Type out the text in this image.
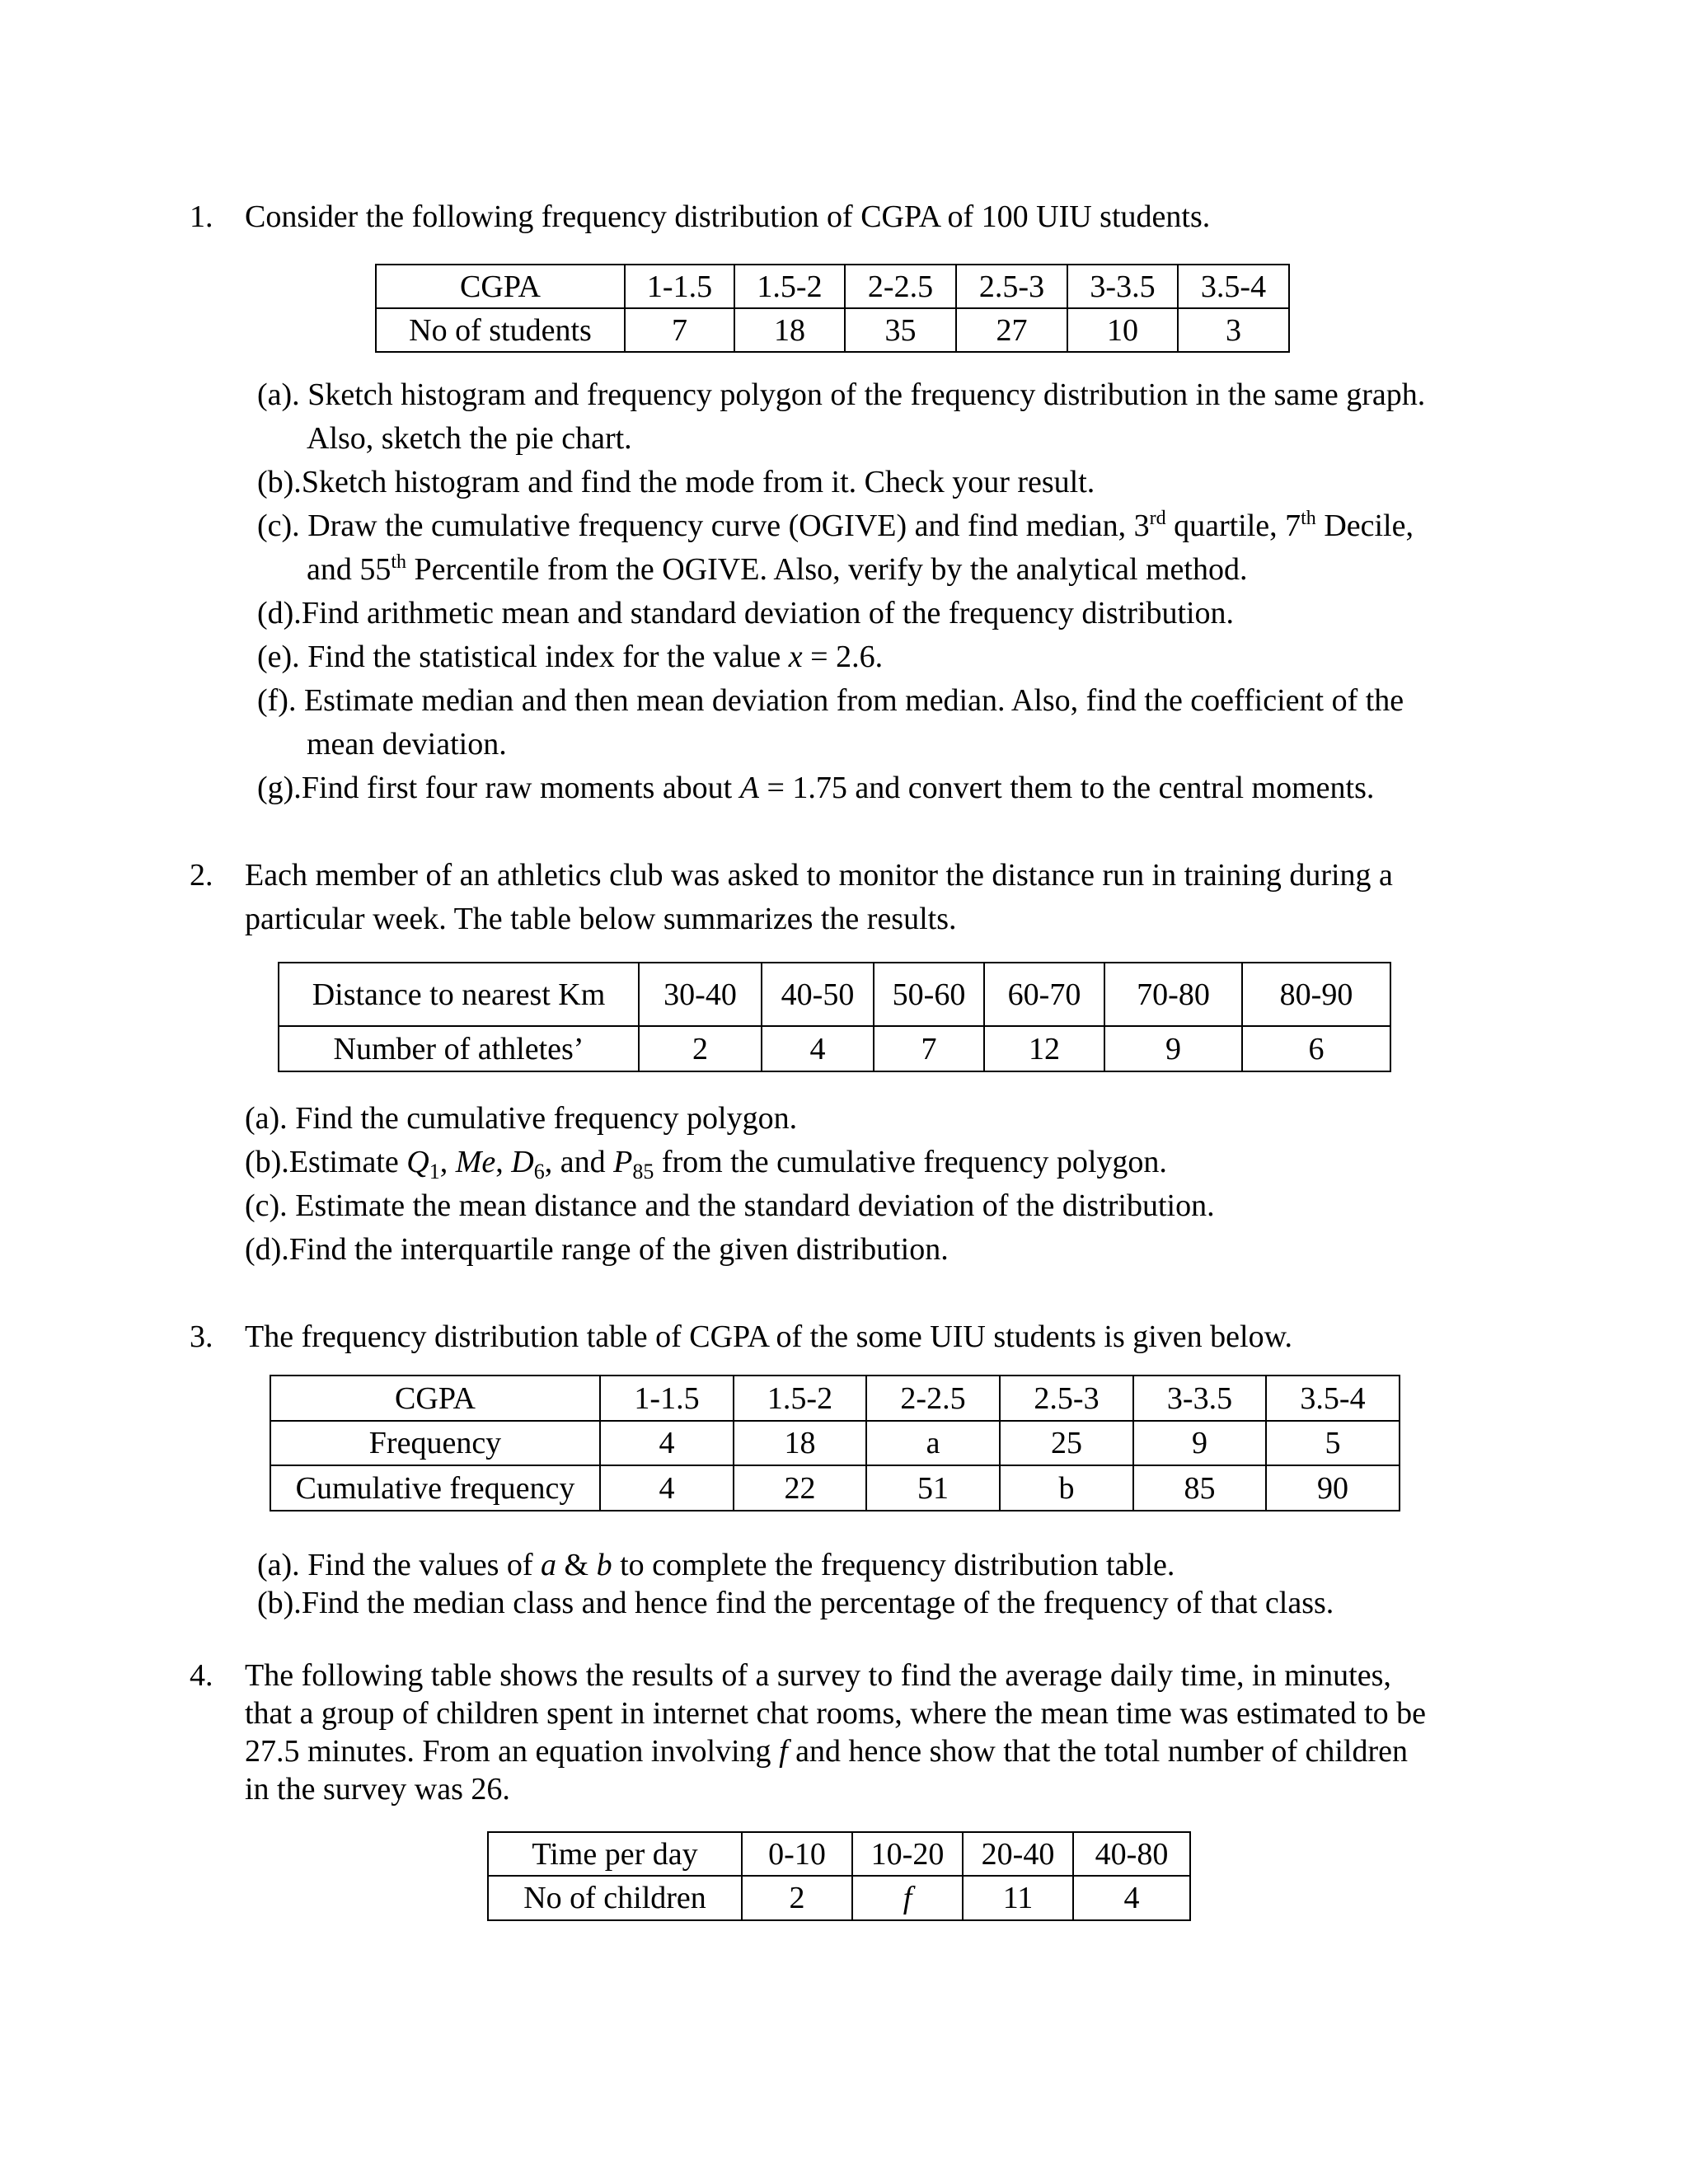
1. Consider the following frequency distribution of CGPA of 100 UIU students.
CGPA	1-1.5	1.5-2	2-2.5	2.5-3	3-3.5	3.5-4
No of students	7	18	35	27	10	3
(a). Sketch histogram and frequency polygon of the frequency distribution in the same graph.
Also, sketch the pie chart.
(b).Sketch histogram and find the mode from it. Check your result.
(c). Draw the cumulative frequency curve (OGIVE) and find median, 3rd quartile, 7th Decile,
and 55th Percentile from the OGIVE. Also, verify by the analytical method.
(d).Find arithmetic mean and standard deviation of the frequency distribution.
(e). Find the statistical index for the value x = 2.6.
(f). Estimate median and then mean deviation from median. Also, find the coefficient of the
mean deviation.
(g).Find first four raw moments about A = 1.75 and convert them to the central moments.
2. Each member of an athletics club was asked to monitor the distance run in training during a
particular week. The table below summarizes the results.
Distance to nearest Km	30-40	40-50	50-60	60-70	70-80	80-90
Number of athletes’	2	4	7	12	9	6
(a). Find the cumulative frequency polygon.
(b).Estimate $Q_1$, Me, $D_6$, and $P_{85}$ from the cumulative frequency polygon.
(c). Estimate the mean distance and the standard deviation of the distribution.
(d).Find the interquartile range of the given distribution.
3. The frequency distribution table of CGPA of the some UIU students is given below.
CGPA	1-1.5	1.5-2	2-2.5	2.5-3	3-3.5	3.5-4
Frequency	4	18	a	25	9	5
Cumulative frequency	4	22	51	b	85	90
(a). Find the values of a & b to complete the frequency distribution table.
(b).Find the median class and hence find the percentage of the frequency of that class.
4. The following table shows the results of a survey to find the average daily time, in minutes,
that a group of children spent in internet chat rooms, where the mean time was estimated to be
27.5 minutes. From an equation involving f and hence show that the total number of children
in the survey was 26.
Time per day	0-10	10-20	20-40	40-80
No of children	2	f	11	4
